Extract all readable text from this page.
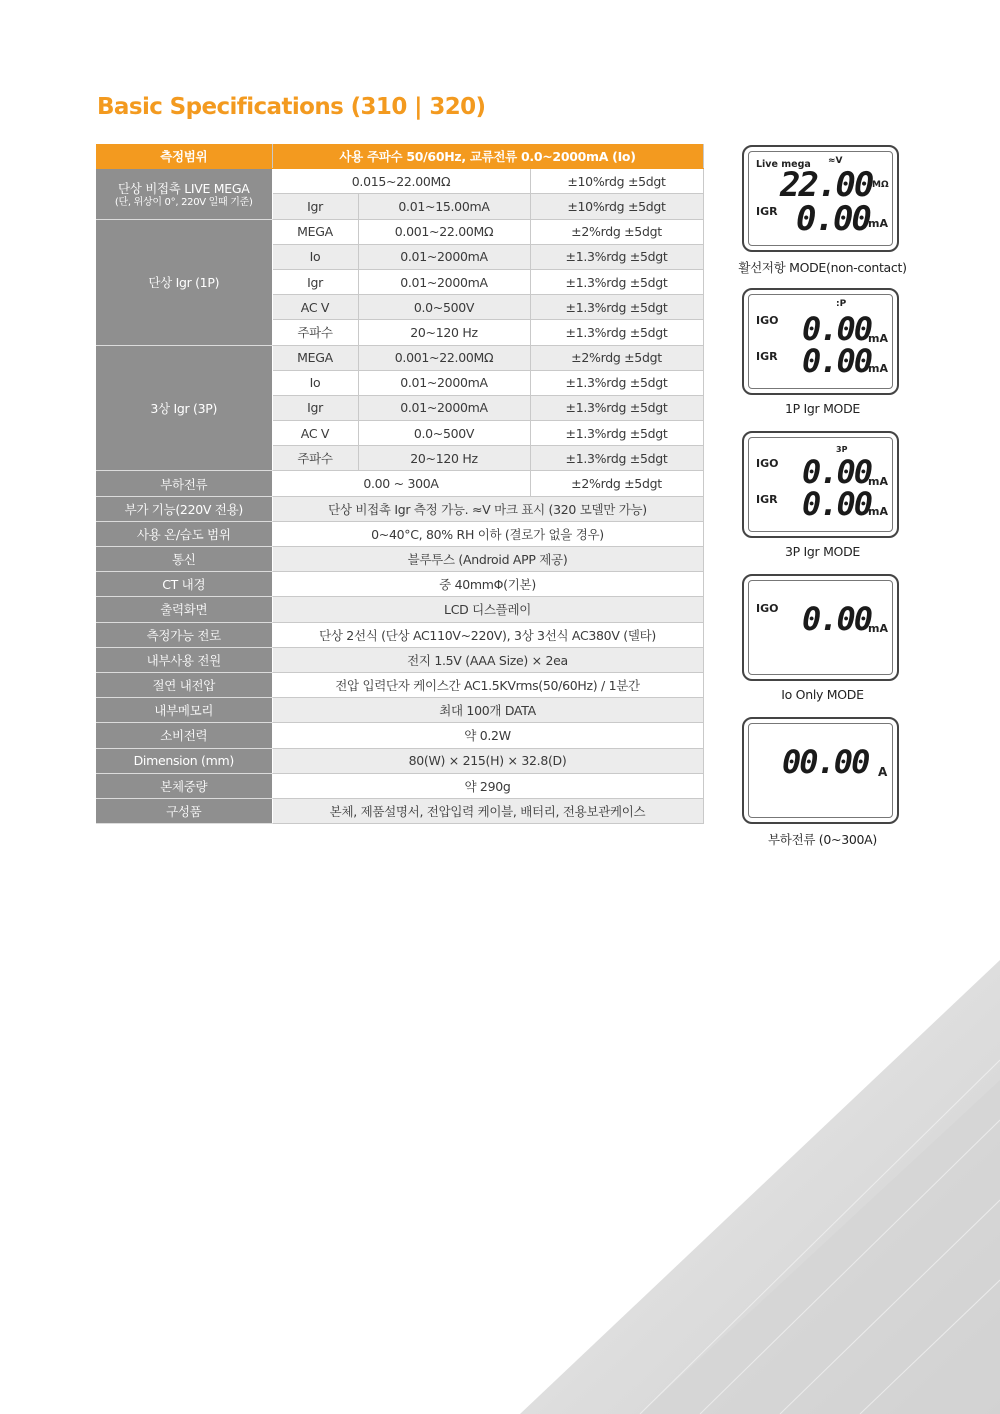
Basic Specifications (310 | 320)
측정범위	사용 주파수 50/60Hz, 교류전류 0.0~2000mA (Io)		
단상 비접촉 LIVE MEGA
(단, 위상이 0°, 220V 일때 기준)	0.015~22.00MΩ		±10%rdg ±5dgt
	Igr	0.01~15.00mA	±10%rdg ±5dgt
단상 Igr (1P)	MEGA	0.001~22.00MΩ	±2%rdg ±5dgt
	Io	0.01~2000mA	±1.3%rdg ±5dgt
	Igr	0.01~2000mA	±1.3%rdg ±5dgt
	AC V	0.0~500V	±1.3%rdg ±5dgt
	주파수	20~120 Hz	±1.3%rdg ±5dgt
3상 Igr (3P)	MEGA	0.001~22.00MΩ	±2%rdg ±5dgt
	Io	0.01~2000mA	±1.3%rdg ±5dgt
	Igr	0.01~2000mA	±1.3%rdg ±5dgt
	AC V	0.0~500V	±1.3%rdg ±5dgt
	주파수	20~120 Hz	±1.3%rdg ±5dgt
부하전류	0.00 ~ 300A		±2%rdg ±5dgt
부가 기능(220V 전용)	단상 비접촉 Igr 측정 가능. ≈V 마크 표시 (320 모델만 가능)		
사용 온/습도 범위	0~40°C, 80% RH 이하 (결로가 없을 경우)		
통신	블루투스 (Android APP 제공)		
CT 내경	중 40mmΦ(기본)		
출력화면	LCD 디스플레이		
측정가능 전로	단상 2선식 (단상 AC110V~220V), 3상 3선식 AC380V (델타)		
내부사용 전원	전지 1.5V (AAA Size) × 2ea		
절연 내전압	전압 입력단자 케이스간 AC1.5KVrms(50/60Hz) / 1분간		
내부메모리	최대 100개 DATA		
소비전력	약 0.2W		
Dimension (mm)	80(W) × 215(H) × 32.8(D)		
본체중량	약 290g		
구성품	본체, 제품설명서, 전압입력 케이블, 배터리, 전용보관케이스		
Live mega ≈V
22.00 MΩ
IGR 0.00
mA
활선저항 MODE(non-contact)
:P
IGO 0.00
mA
IGR 0.00
mA
1P Igr MODE
3P
IGO 0.00
mA
IGR 0.00
mA
3P Igr MODE
IGO 0.00
mA
Io Only MODE
00.00 A
부하전류 (0~300A)
